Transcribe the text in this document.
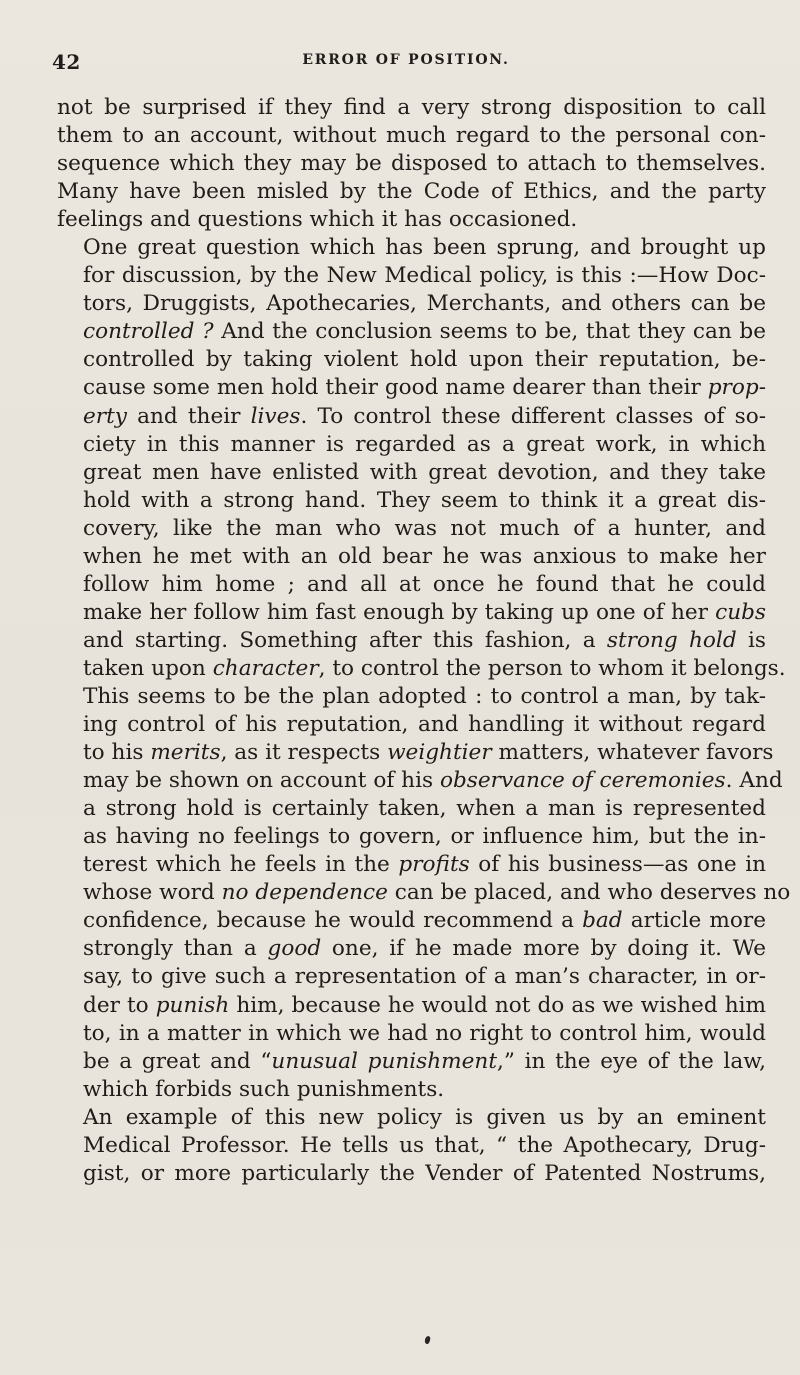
42	ERROR OF POSITION.

not be surprised if they find a very strong disposition to call
them to an account, without much regard to the personal con-
sequence which they may be disposed to attach to themselves.
Many have been misled by the Code of Ethics, and the party
feelings and questions which it has occasioned.

One great question which has been sprung, and brought up
for discussion, by the New Medical policy, is this :—How Doc-
tors, Druggists, Apothecaries, Merchants, and others can be
controlled ? And the conclusion seems to be, that they can be
controlled by taking violent hold upon their reputation, be-
cause some men hold their good name dearer than their prop-
erty and their lives. To control these different classes of so-
ciety in this manner is regarded as a great work, in which
great men have enlisted with great devotion, and they take
hold with a strong hand. They seem to think it a great dis-
covery, like the man who was not much of a hunter, and
when he met with an old bear he was anxious to make her
follow him home ; and all at once he found that he could
make her follow him fast enough by taking up one of her cubs
and starting. Something after this fashion, a strong hold is
taken upon character, to control the person to whom it belongs.
This seems to be the plan adopted : to control a man, by tak-
ing control of his reputation, and handling it without regard
to his merits, as it respects weightier matters, whatever favors
may be shown on account of his observance of ceremonies. And
a strong hold is certainly taken, when a man is represented
as having no feelings to govern, or influence him, but the in-
terest which he feels in the profits of his business—as one in
whose word no dependence can be placed, and who deserves no
confidence, because he would recommend a bad article more
strongly than a good one, if he made more by doing it. We
say, to give such a representation of a man’s character, in or-
der to punish him, because he would not do as we wished him
to, in a matter in which we had no right to control him, would
be a great and “unusual punishment,” in the eye of the law,
which forbids such punishments.

An example of this new policy is given us by an eminent
Medical Professor. He tells us that, “ the Apothecary, Drug-
gist, or more particularly the Vender of Patented Nostrums,
